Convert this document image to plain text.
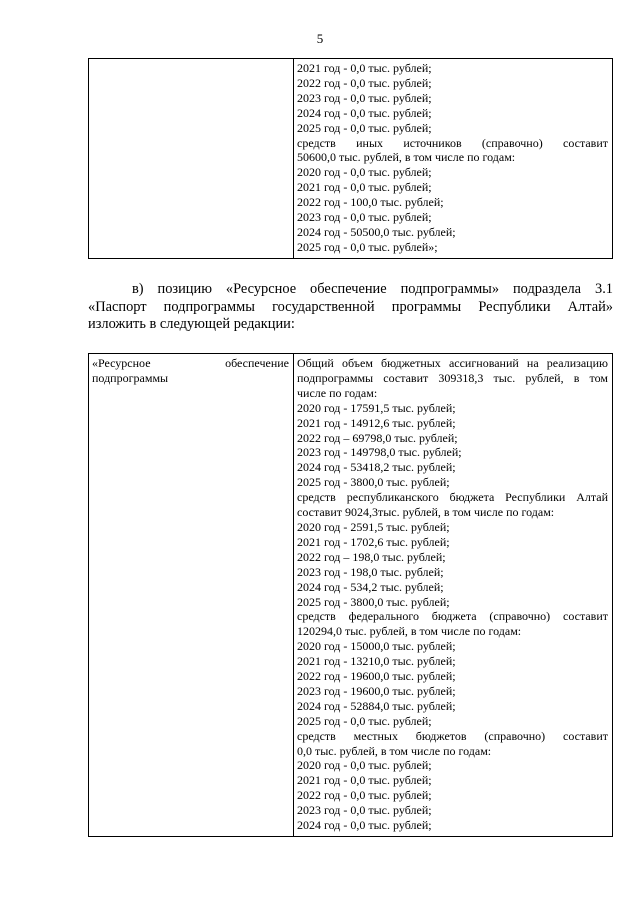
5

2021 год - 0,0 тыс. рублей;
2022 год - 0,0 тыс. рублей;
2023 год - 0,0 тыс. рублей;
2024 год - 0,0 тыс. рублей;
2025 год - 0,0 тыс. рублей;
средств иных источников (справочно) составит
50600,0 тыс. рублей, в том числе по годам:
2020 год - 0,0 тыс. рублей;
2021 год - 0,0 тыс. рублей;
2022 год - 100,0 тыс. рублей;
2023 год - 0,0 тыс. рублей;
2024 год - 50500,0 тыс. рублей;
2025 год - 0,0 тыс. рублей»;
в) позицию «Ресурсное обеспечение подпрограммы» подраздела 3.1
«Паспорт подпрограммы государственной программы Республики Алтай»
изложить в следующей редакции:
«Ресурсное обеспечение
подпрограммы

Общий объем бюджетных ассигнований на реализацию
подпрограммы составит 309318,3 тыс. рублей, в том
числе по годам:
2020 год - 17591,5 тыс. рублей;
2021 год - 14912,6 тыс. рублей;
2022 год – 69798,0 тыс. рублей;
2023 год - 149798,0 тыс. рублей;
2024 год - 53418,2 тыс. рублей;
2025 год - 3800,0 тыс. рублей;
средств республиканского бюджета Республики Алтай
составит 9024,3тыс. рублей, в том числе по годам:
2020 год - 2591,5 тыс. рублей;
2021 год - 1702,6 тыс. рублей;
2022 год – 198,0 тыс. рублей;
2023 год - 198,0 тыс. рублей;
2024 год - 534,2 тыс. рублей;
2025 год - 3800,0 тыс. рублей;
средств федерального бюджета (справочно) составит
120294,0 тыс. рублей, в том числе по годам:
2020 год - 15000,0 тыс. рублей;
2021 год - 13210,0 тыс. рублей;
2022 год - 19600,0 тыс. рублей;
2023 год - 19600,0 тыс. рублей;
2024 год - 52884,0 тыс. рублей;
2025 год - 0,0 тыс. рублей;
средств местных бюджетов (справочно) составит
0,0 тыс. рублей, в том числе по годам:
2020 год - 0,0 тыс. рублей;
2021 год - 0,0 тыс. рублей;
2022 год - 0,0 тыс. рублей;
2023 год - 0,0 тыс. рублей;
2024 год - 0,0 тыс. рублей;
